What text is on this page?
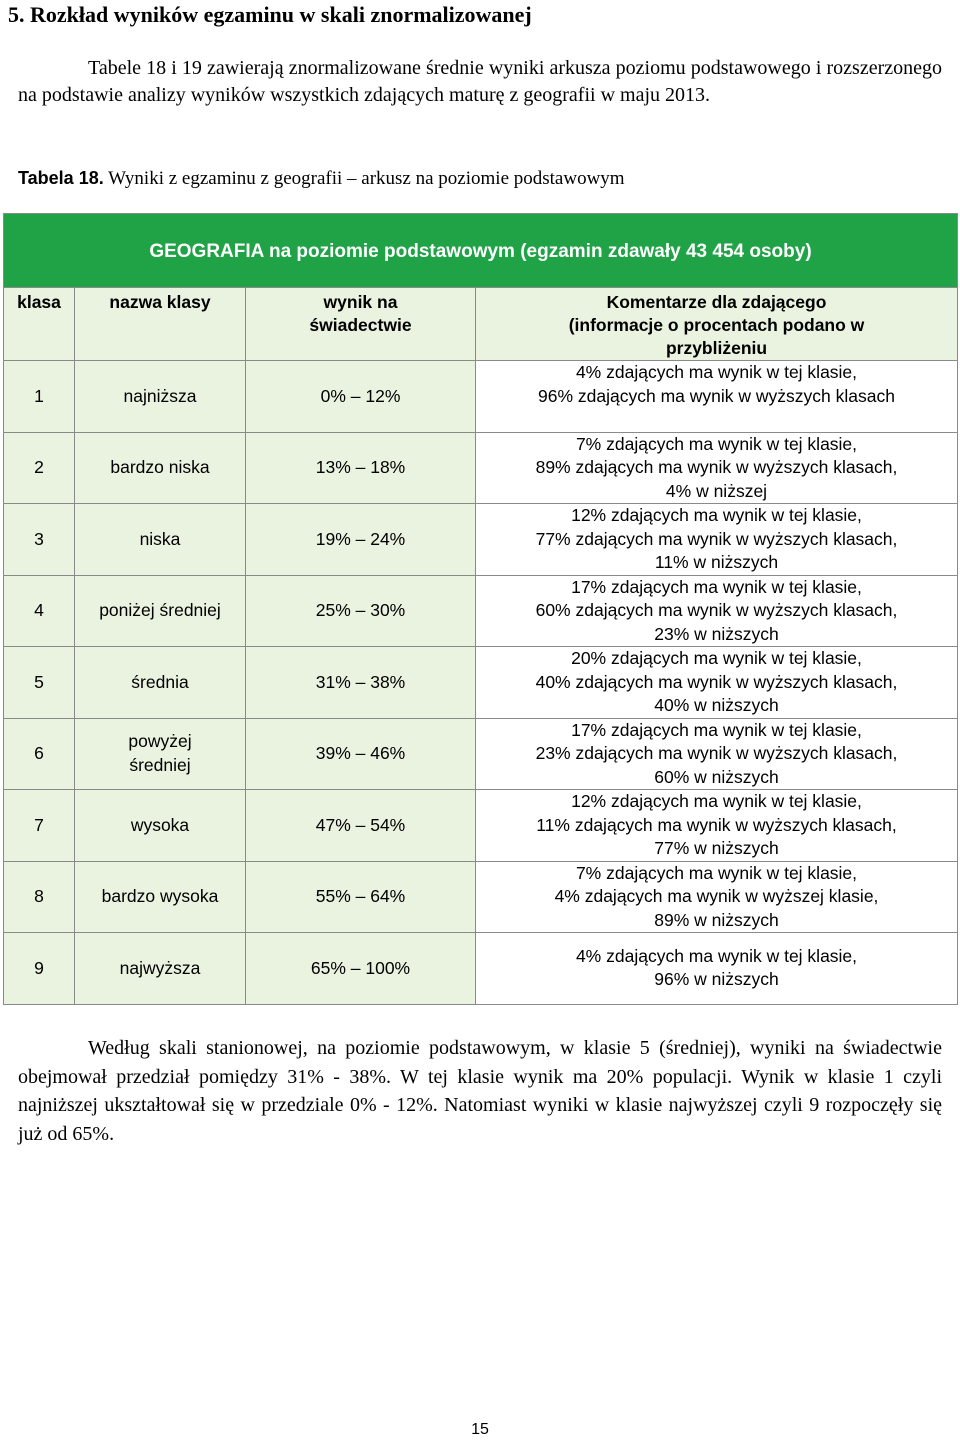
5. Rozkład wyników egzaminu w skali znormalizowanej

Tabele 18 i 19 zawierają znormalizowane średnie wyniki arkusza poziomu podstawowego i rozszerzonego na podstawie analizy wyników wszystkich zdających maturę z geografii w maju 2013.

Tabela 18. Wyniki z egzaminu z geografii – arkusz na poziomie podstawowym
GEOGRAFIA na poziomie podstawowym (egzamin zdawały 43 454 osoby)			
klasa	nazwa klasy	wynik na
świadectwie	Komentarze dla zdającego
(informacje o procentach podano w
przybliżeniu

1	najniższa	0% – 12%	4% zdających ma wynik w tej klasie,
96% zdających ma wynik w wyższych klasach

2	bardzo niska	13% – 18%	7% zdających ma wynik w tej klasie,
89% zdających ma wynik w wyższych klasach,
4% w niższej

3	niska	19% – 24%	12% zdających ma wynik w tej klasie,
77% zdających ma wynik w wyższych klasach,
11% w niższych

4	poniżej średniej	25% – 30%	17% zdających ma wynik w tej klasie,
60% zdających ma wynik w wyższych klasach,
23% w niższych

5	średnia	31% – 38%	20% zdających ma wynik w tej klasie,
40% zdających ma wynik w wyższych klasach,
40% w niższych

6	powyżej
średniej	39% – 46%	17% zdających ma wynik w tej klasie,
23% zdających ma wynik w wyższych klasach,
60% w niższych

7	wysoka	47% – 54%	12% zdających ma wynik w tej klasie,
11% zdających ma wynik w wyższych klasach,
77% w niższych

8	bardzo wysoka	55% – 64%	7% zdających ma wynik w tej klasie,
4% zdających ma wynik w wyższej klasie,
89% w niższych

9	najwyższa	65% – 100%	4% zdających ma wynik w tej klasie,
96% w niższych

Według skali stanionowej, na poziomie podstawowym, w klasie 5 (średniej), wyniki na świadectwie obejmował przedział pomiędzy 31% - 38%. W tej klasie wynik ma 20% populacji. Wynik w klasie 1 czyli najniższej ukształtował się w przedziale 0% - 12%. Natomiast wyniki w klasie najwyższej czyli 9 rozpoczęły się już od 65%.

15
